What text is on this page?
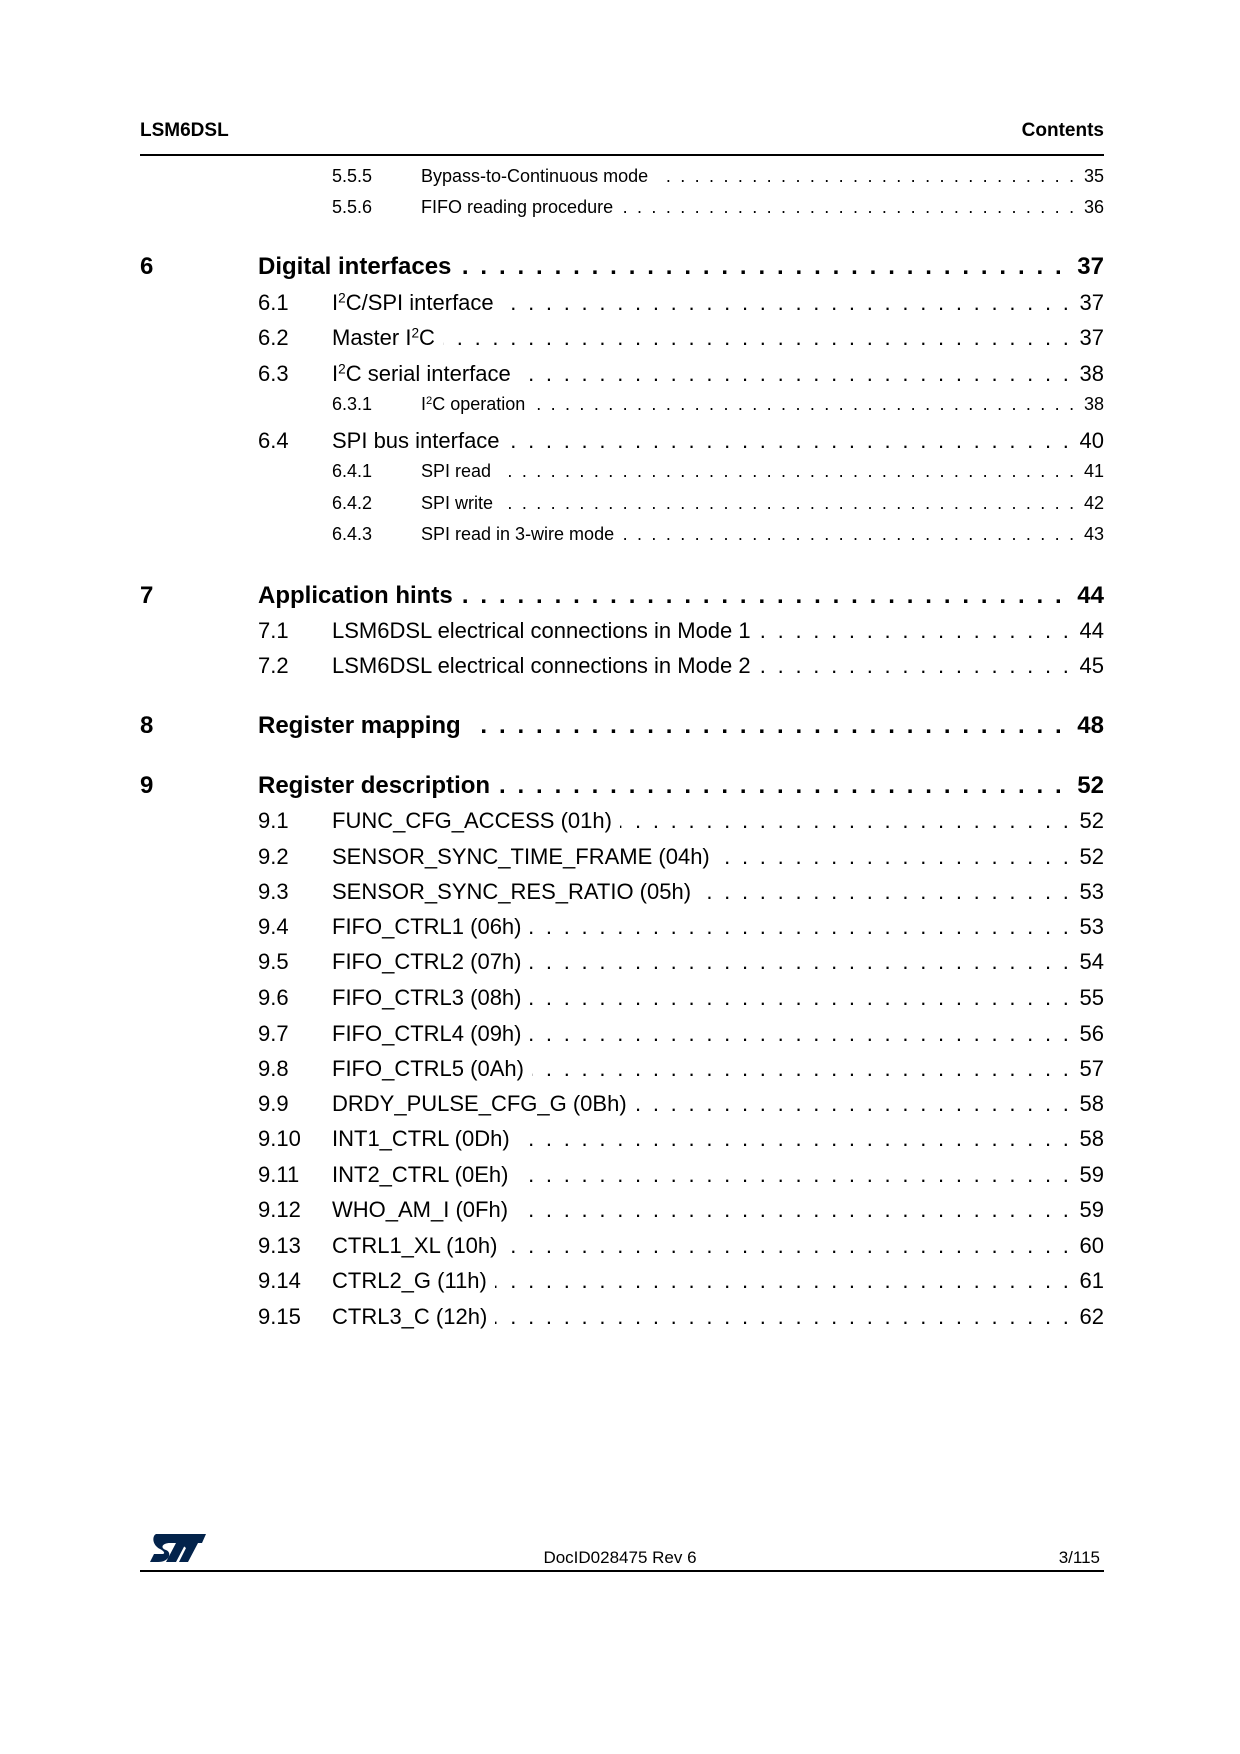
LSM6DSL	Contents
5.5.5 . . .	Bypass-to-Continuous mode	35
5.5.6 . . .	FIFO reading procedure	36
6 . . .	Digital interfaces	37
6.1 . . . $I^2C$/SPI interface	37
6.2 . . . Master $I^2C$	37
6.3 . . . $I^2C$ serial interface	38
6.3.1 . . .	$I^2C$ operation	38
6.4 . . . SPI bus interface	40
6.4.1 . . .	SPI read	41
6.4.2 . . .	SPI write	42
6.4.3 . . .	SPI read in 3-wire mode	43
7 . . .	Application hints	44
7.1 . . . LSM6DSL electrical connections in Mode 1	44
7.2 . . . LSM6DSL electrical connections in Mode 2	45
8 . . .	Register mapping	48
9 . . .	Register description	52
9.1 . . . FUNC_CFG_ACCESS (01h)	52
9.2 . . . SENSOR_SYNC_TIME_FRAME (04h)	52
9.3 . . . SENSOR_SYNC_RES_RATIO (05h)	53
9.4 . . . FIFO_CTRL1 (06h)	53
9.5 . . . FIFO_CTRL2 (07h)	54
9.6 . . . FIFO_CTRL3 (08h)	55
9.7 . . . FIFO_CTRL4 (09h)	56
9.8 . . . FIFO_CTRL5 (0Ah)	57
9.9 . . . DRDY_PULSE_CFG_G (0Bh)	58
9.10 . . . INT1_CTRL (0Dh)	58
9.11 . . . INT2_CTRL (0Eh)	59
9.12 . . . WHO_AM_I (0Fh)	59
9.13 . . . CTRL1_XL (10h)	60
9.14 . . . CTRL2_G (11h)	61
9.15 . . . CTRL3_C (12h)	62
DocID028475 Rev 6	3/115
